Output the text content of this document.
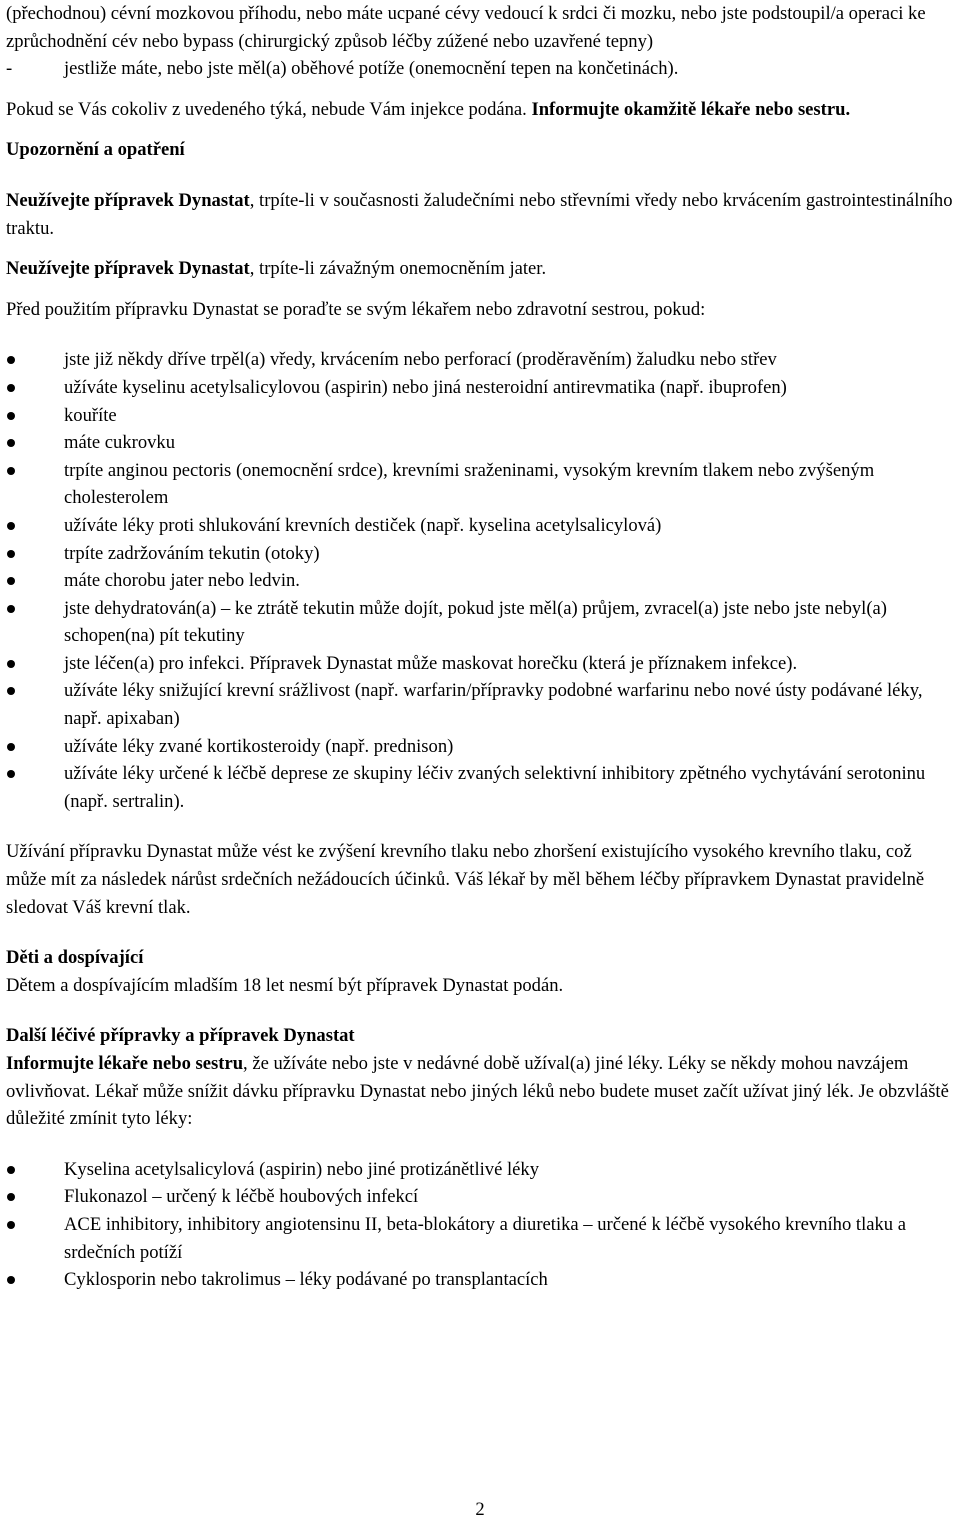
(přechodnou) cévní mozkovou příhodu, nebo máte ucpané cévy vedoucí k srdci či mozku, nebo jste podstoupil/a operaci ke zprůchodnění cév nebo bypass (chirurgický způsob léčby zúžené nebo uzavřené tepny)

-	jestliže máte, nebo jste měl(a) oběhové potíže (onemocnění tepen na končetinách).

Pokud se Vás cokoliv z uvedeného týká, nebude Vám injekce podána. Informujte okamžitě lékaře nebo sestru.

Upozornění a opatření

Neužívejte přípravek Dynastat, trpíte-li v současnosti žaludečními nebo střevními vředy nebo krvácením gastrointestinálního traktu.

Neužívejte přípravek Dynastat, trpíte-li závažným onemocněním jater.

Před použitím přípravku Dynastat se poraďte se svým lékařem nebo zdravotní sestrou, pokud:

jste již někdy dříve trpěl(a) vředy, krvácením nebo perforací (proděravěním) žaludku nebo střev
užíváte kyselinu acetylsalicylovou (aspirin) nebo jiná nesteroidní antirevmatika (např. ibuprofen)
kouříte
máte cukrovku
trpíte anginou pectoris (onemocnění srdce), krevními sraženinami, vysokým krevním tlakem nebo zvýšeným cholesterolem
užíváte léky proti shlukování krevních destiček (např. kyselina acetylsalicylová)
trpíte zadržováním tekutin (otoky)
máte chorobu jater nebo ledvin.
jste dehydratován(a) ‒ ke ztrátě tekutin může dojít, pokud jste měl(a) průjem, zvracel(a) jste nebo jste nebyl(a) schopen(na) pít tekutiny
jste léčen(a) pro infekci. Přípravek Dynastat může maskovat horečku (která je příznakem infekce).
užíváte léky snižující krevní srážlivost (např. warfarin/přípravky podobné warfarinu nebo nové ústy podávané léky, např. apixaban)
užíváte léky zvané kortikosteroidy (např. prednison)
užíváte léky určené k léčbě deprese ze skupiny léčiv zvaných selektivní inhibitory zpětného vychytávání serotoninu (např. sertralin).

Užívání přípravku Dynastat může vést ke zvýšení krevního tlaku nebo zhoršení existujícího vysokého krevního tlaku, což může mít za následek nárůst srdečních nežádoucích účinků. Váš lékař by měl během léčby přípravkem Dynastat pravidelně sledovat Váš krevní tlak.

Děti a dospívající

Dětem a dospívajícím mladším 18 let nesmí být přípravek Dynastat podán.

Další léčivé přípravky a přípravek Dynastat

Informujte lékaře nebo sestru, že užíváte nebo jste v nedávné době užíval(a) jiné léky. Léky se někdy mohou navzájem ovlivňovat. Lékař může snížit dávku přípravku Dynastat nebo jiných léků nebo budete muset začít užívat jiný lék. Je obzvláště důležité zmínit tyto léky:

Kyselina acetylsalicylová (aspirin) nebo jiné protizánětlivé léky
Flukonazol ‒ určený k léčbě houbových infekcí
ACE inhibitory, inhibitory angiotensinu II, beta-blokátory a diuretika ‒ určené k léčbě vysokého krevního tlaku a srdečních potíží
Cyklosporin nebo takrolimus ‒ léky podávané po transplantacích
2
